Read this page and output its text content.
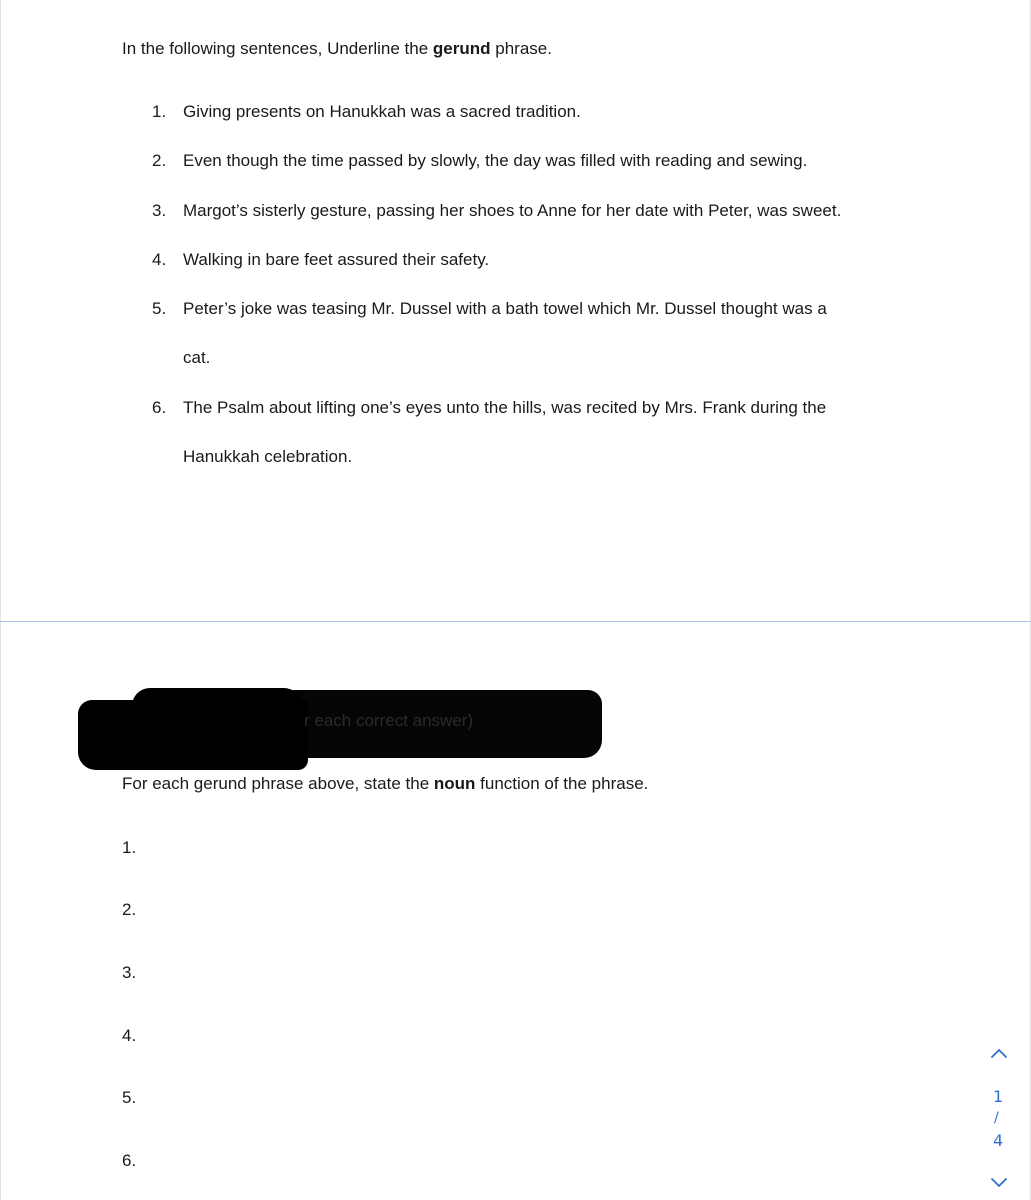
In the following sentences, Underline the gerund phrase.

1. Giving presents on Hanukkah was a sacred tradition.
2. Even though the time passed by slowly, the day was filled with reading and sewing.
3. Margot’s sisterly gesture, passing her shoes to Anne for her date with Peter, was sweet.
4. Walking in bare feet assured their safety.
5. Peter’s joke was teasing Mr. Dussel with a bath towel which Mr. Dussel thought was a
cat.
6. The Psalm about lifting one’s eyes unto the hills, was recited by Mrs. Frank during the
Hanukkah celebration.
r each correct answer)

For each gerund phrase above, state the noun function of the phrase.

1.
2.
3.
4.
5.
6.
1
/
4
